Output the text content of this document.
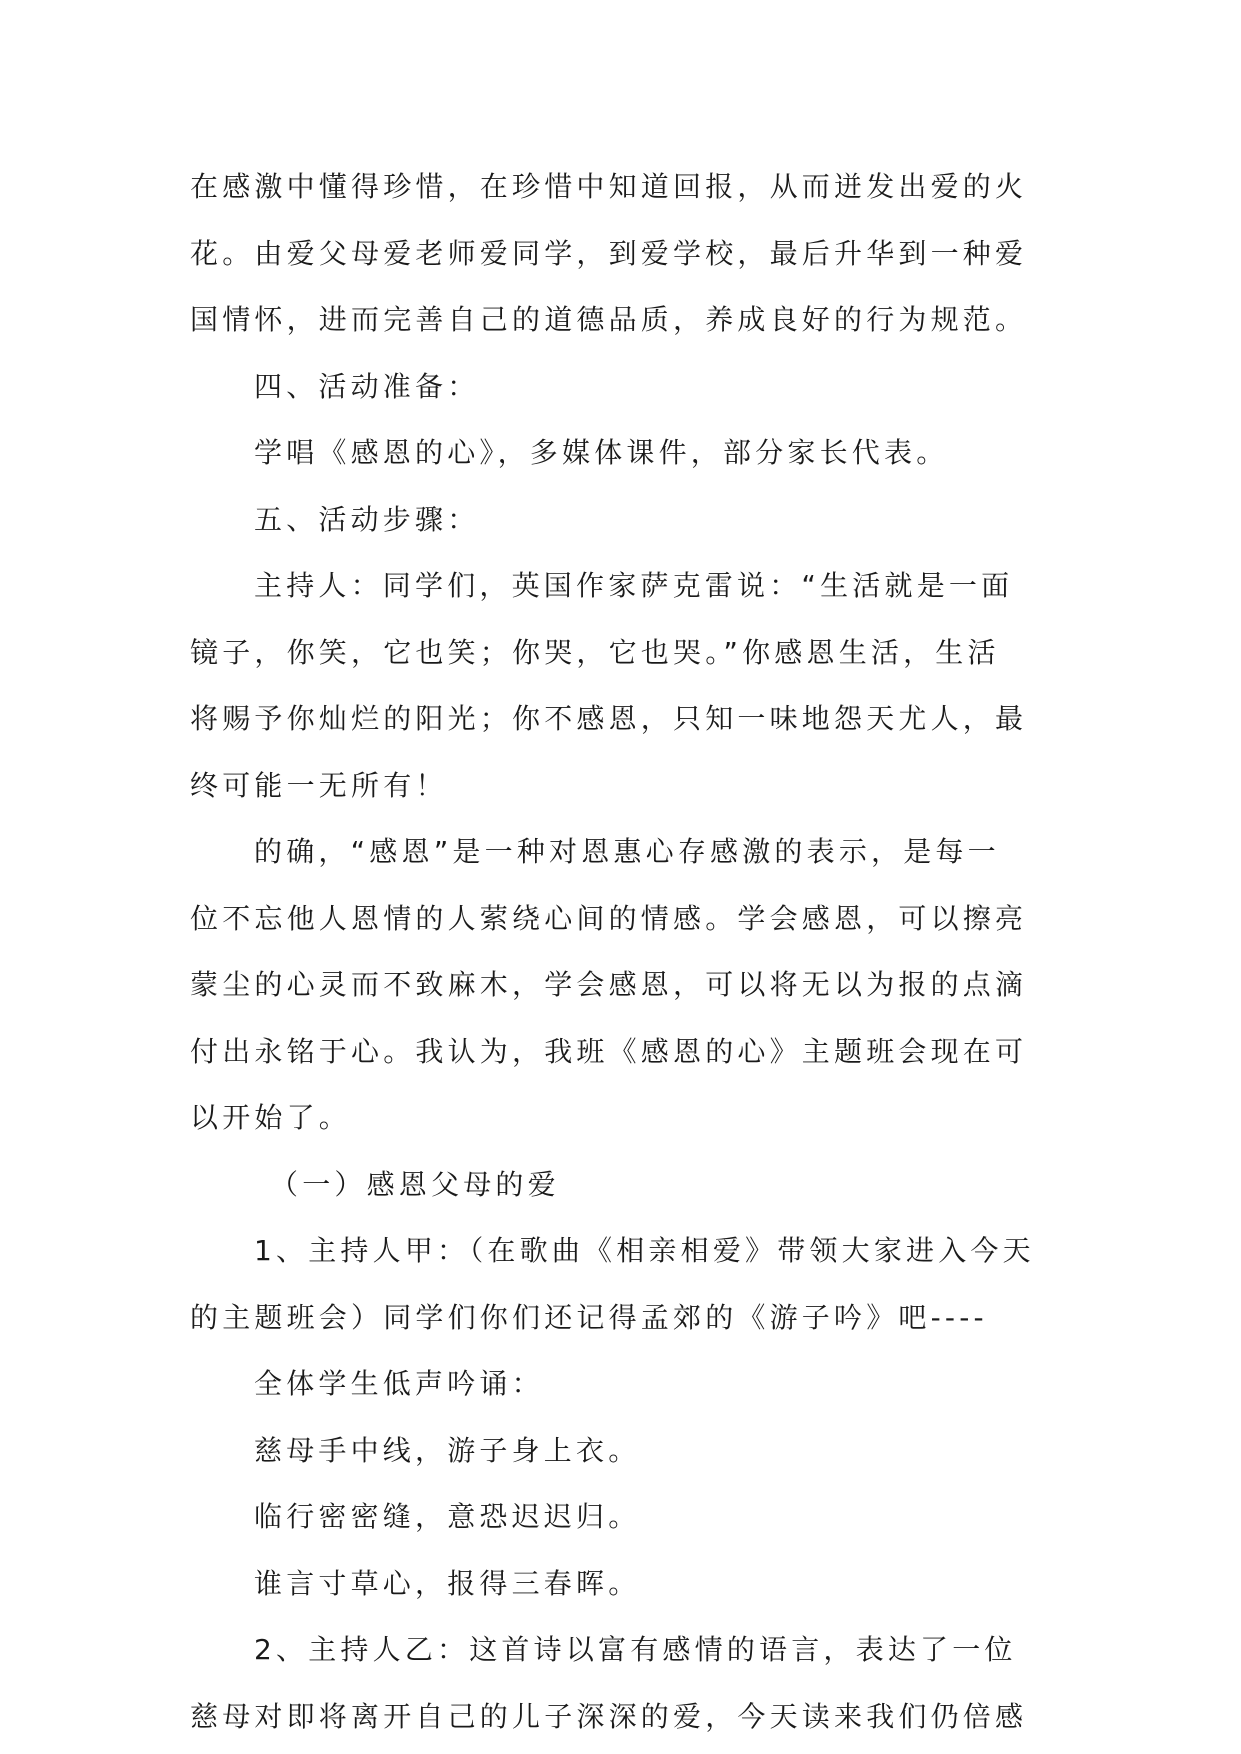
在感激中懂得珍惜，在珍惜中知道回报，从而迸发出爱的火
花。由爱父母爱老师爱同学，到爱学校，最后升华到一种爱
国情怀，进而完善自己的道德品质，养成良好的行为规范。
四、活动准备：
学唱《感恩的心》，多媒体课件，部分家长代表。
五、活动步骤：
主持人：同学们，英国作家萨克雷说：“生活就是一面
镜子，你笑，它也笑；你哭，它也哭。”你感恩生活，生活
将赐予你灿烂的阳光；你不感恩，只知一味地怨天尤人，最
终可能一无所有！
的确，“感恩”是一种对恩惠心存感激的表示，是每一
位不忘他人恩情的人萦绕心间的情感。学会感恩，可以擦亮
蒙尘的心灵而不致麻木，学会感恩，可以将无以为报的点滴
付出永铭于心。我认为，我班《感恩的心》主题班会现在可
以开始了。
（一）感恩父母的爱
1、主持人甲：（在歌曲《相亲相爱》带领大家进入今天
的主题班会）同学们你们还记得孟郊的《游子吟》吧----
全体学生低声吟诵：
慈母手中线，游子身上衣。
临行密密缝，意恐迟迟归。
谁言寸草心，报得三春晖。
2、主持人乙：这首诗以富有感情的语言，表达了一位
慈母对即将离开自己的儿子深深的爱，今天读来我们仍倍感
